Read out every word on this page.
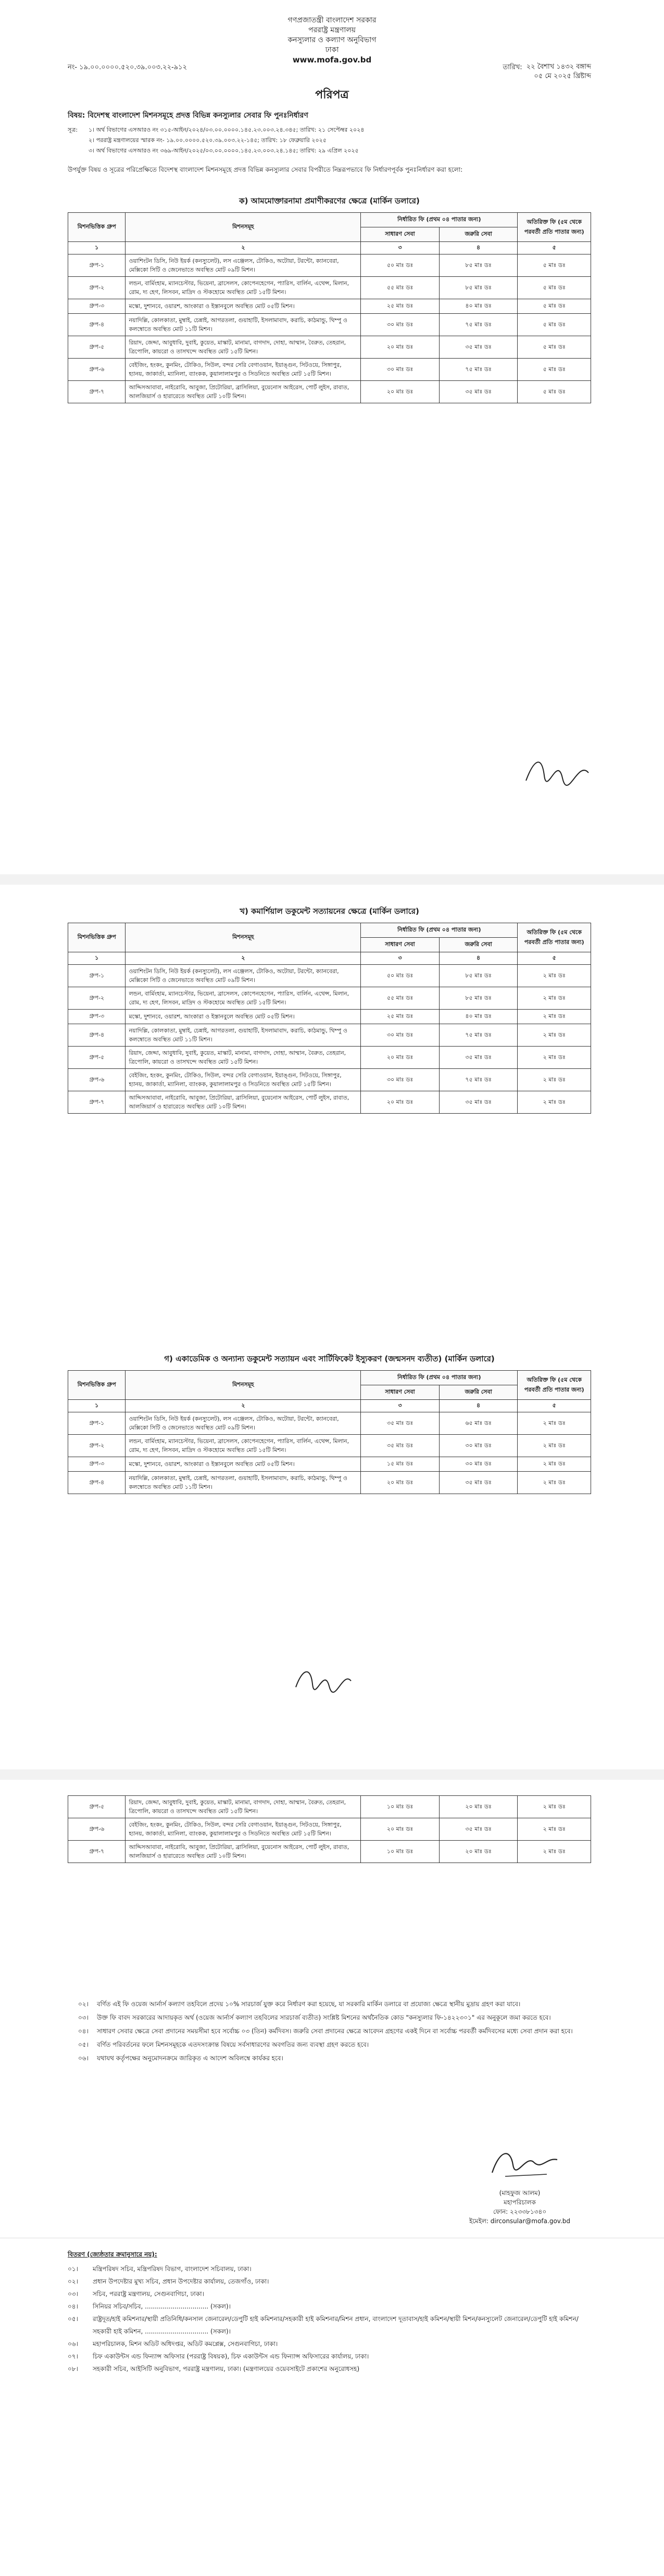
গণপ্রজাতন্ত্রী বাংলাদেশ সরকার
পররাষ্ট্র মন্ত্রণালয়
কনস্যুলার ও কল্যাণ অনুবিভাগ
ঢাকা
www.mofa.gov.bd
নং- ১৯.০০.০০০০.৫২০.৩৯.০০৩.২২-৯১২	তারিখ: ২২ বৈশাখ ১৪৩২ বঙ্গাব্দ
০৫ মে ২০২৫ খ্রিষ্টাব্দ
পরিপত্র
বিষয়: বিদেশস্থ বাংলাদেশ মিশনসমূহে প্রদত্ত বিভিন্ন কনস্যুলার সেবার ফি পুনঃনির্ধারণ
সূত্র:	১। অর্থ বিভাগের এসআরও নং ৩১৫-আইন/২০২৪/০৩.০০.০০০০.১৪৫.২৩.০০৩.২৪.৩৪৫; তারিখ: ২১ সেপ্টেম্বর ২০২৪
২। পররাষ্ট্র মন্ত্রণালয়ের স্মারক নং- ১৯.০০.০০০০.৫২০.৩৯.০০৩.২২-১৪৫; তারিখ: ১৮ ফেব্রুয়ারি ২০২৫
৩। অর্থ বিভাগের এসআরও নং ৩৬৯-আইন/২০২৫/০৩.০০.০০০০.১৪৫.২৩.০০৩.২৪.১৪৫; তারিখ: ২৯ এপ্রিল ২০২৫
উপর্যুক্ত বিষয় ও সূত্রের পরিপ্রেক্ষিতে বিদেশস্থ বাংলাদেশ মিশনসমূহে প্রদত্ত বিভিন্ন কনস্যুলার সেবার বিপরীতে নিম্নরূপভাবে ফি নির্ধারণপূর্বক পুনঃনির্ধারণ করা হলো:
ক) আমমোক্তারনামা প্রমাণীকরণের ক্ষেত্রে (মার্কিন ডলারে)
মিশনভিত্তিক গ্রুপ	মিশনসমূহ	নির্ধারিত ফি (প্রথম ০৪ পাতার জন্য)		অতিরিক্ত ফি (৫ম থেকে পরবর্তী প্রতি পাতার জন্য)
		সাধারণ সেবা	জরুরি সেবা	
১	২	৩	৪	৫
গ্রুপ-১	ওয়াশিংটন ডিসি, নিউ ইয়র্ক (কনস্যুলেট), লস এঞ্জেলস, টোকিও, অটোয়া, টরন্টো, ক্যানবেরা, মেক্সিকো সিটি ও জেনেভাতে অবস্থিত মোট ০৯টি মিশন।	৫০ মাঃ ডঃ	৮৫ মাঃ ডঃ	৫ মাঃ ডঃ
গ্রুপ-২	লন্ডন, বার্মিংহাম, ম্যানচেস্টার, ভিয়েনা, ব্রাসেলস, কোপেনহেগেন, প্যারিস, বার্লিন, এথেন্স, মিলান, রোম, দ্য হেগ, লিসবন, মাদ্রিদ ও স্টকহোমে অবস্থিত মোট ১৫টি মিশন।	৫৫ মাঃ ডঃ	৮৫ মাঃ ডঃ	৫ মাঃ ডঃ
গ্রুপ-৩	মস্কো, দুশানবে, ওয়ারশ, আংকারা ও ইস্তানবুলে অবস্থিত মোট ০৫টি মিশন।	২৫ মাঃ ডঃ	৪০ মাঃ ডঃ	৫ মাঃ ডঃ
গ্রুপ-৪	নয়াদিল্লি, কোলকাতা, মুম্বাই, চেন্নাই, আগরতলা, গুয়াহাটি, ইসলামাবাদ, করাচি, কাঠমান্ডু, থিম্পু ও কলম্বোতে অবস্থিত মোট ১১টি মিশন।	৩০ মাঃ ডঃ	৭৫ মাঃ ডঃ	৫ মাঃ ডঃ
গ্রুপ-৫	রিয়াদ, জেদ্দা, আবুধাবি, দুবাই, কুয়েত, মাস্কাট, মানামা, বাগদাদ, দোহা, আম্মান, বৈরুত, তেহরান, ত্রিপোলি, কায়রো ও তাসখন্দে অবস্থিত মোট ১৫টি মিশন।	২০ মাঃ ডঃ	৩৫ মাঃ ডঃ	৫ মাঃ ডঃ
গ্রুপ-৬	বেইজিং, হংকং, কুনমিং, টোকিও, সিউল, বন্দর সেরি বেগাওয়ান, ইয়াঙ্গুন, সিটওয়ে, সিঙ্গাপুর, হ্যানয়, জাকার্তা, ম্যানিলা, ব্যাংকক, কুয়ালালামপুর ও সিডনিতে অবস্থিত মোট ১৫টি মিশন।	৩০ মাঃ ডঃ	৭৫ মাঃ ডঃ	৫ মাঃ ডঃ
গ্রুপ-৭	আদ্দিসআবাবা, নাইরোবি, আবুজা, প্রিটোরিয়া, ব্রাসিলিয়া, বুয়েনোস আইরেস, পোর্ট লুইস, রাবাত, আলজিয়ার্স ও হারারেতে অবস্থিত মোট ১০টি মিশন।	২০ মাঃ ডঃ	৩৫ মাঃ ডঃ	৫ মাঃ ডঃ
খ) কমার্শিয়াল ডকুমেন্ট সত্যায়নের ক্ষেত্রে (মার্কিন ডলারে)
মিশনভিত্তিক গ্রুপ	মিশনসমূহ	নির্ধারিত ফি (প্রথম ০৪ পাতার জন্য)		অতিরিক্ত ফি (৫ম থেকে পরবর্তী প্রতি পাতার জন্য)
		সাধারণ সেবা	জরুরি সেবা	
১	২	৩	৪	৫
গ্রুপ-১	ওয়াশিংটন ডিসি, নিউ ইয়র্ক (কনস্যুলেট), লস এঞ্জেলস, টোকিও, অটোয়া, টরন্টো, ক্যানবেরা, মেক্সিকো সিটি ও জেনেভাতে অবস্থিত মোট ০৯টি মিশন।	৫০ মাঃ ডঃ	৮৫ মাঃ ডঃ	২ মাঃ ডঃ
গ্রুপ-২	লন্ডন, বার্মিংহাম, ম্যানচেস্টার, ভিয়েনা, ব্রাসেলস, কোপেনহেগেন, প্যারিস, বার্লিন, এথেন্স, মিলান, রোম, দ্য হেগ, লিসবন, মাদ্রিদ ও স্টকহোমে অবস্থিত মোট ১৫টি মিশন।	৫৫ মাঃ ডঃ	৮৫ মাঃ ডঃ	২ মাঃ ডঃ
গ্রুপ-৩	মস্কো, দুশানবে, ওয়ারশ, আংকারা ও ইস্তানবুলে অবস্থিত মোট ০৫টি মিশন।	২৫ মাঃ ডঃ	৪০ মাঃ ডঃ	২ মাঃ ডঃ
গ্রুপ-৪	নয়াদিল্লি, কোলকাতা, মুম্বাই, চেন্নাই, আগরতলা, গুয়াহাটি, ইসলামাবাদ, করাচি, কাঠমান্ডু, থিম্পু ও কলম্বোতে অবস্থিত মোট ১১টি মিশন।	৩০ মাঃ ডঃ	৭৫ মাঃ ডঃ	২ মাঃ ডঃ
গ্রুপ-৫	রিয়াদ, জেদ্দা, আবুধাবি, দুবাই, কুয়েত, মাস্কাট, মানামা, বাগদাদ, দোহা, আম্মান, বৈরুত, তেহরান, ত্রিপোলি, কায়রো ও তাসখন্দে অবস্থিত মোট ১৫টি মিশন।	২০ মাঃ ডঃ	৩৫ মাঃ ডঃ	২ মাঃ ডঃ
গ্রুপ-৬	বেইজিং, হংকং, কুনমিং, টোকিও, সিউল, বন্দর সেরি বেগাওয়ান, ইয়াঙ্গুন, সিটওয়ে, সিঙ্গাপুর, হ্যানয়, জাকার্তা, ম্যানিলা, ব্যাংকক, কুয়ালালামপুর ও সিডনিতে অবস্থিত মোট ১৫টি মিশন।	৩০ মাঃ ডঃ	৭৫ মাঃ ডঃ	২ মাঃ ডঃ
গ্রুপ-৭	আদ্দিসআবাবা, নাইরোবি, আবুজা, প্রিটোরিয়া, ব্রাসিলিয়া, বুয়েনোস আইরেস, পোর্ট লুইস, রাবাত, আলজিয়ার্স ও হারারেতে অবস্থিত মোট ১০টি মিশন।	২০ মাঃ ডঃ	৩৫ মাঃ ডঃ	২ মাঃ ডঃ
গ) একাডেমিক ও অন্যান্য ডকুমেন্ট সত্যায়ন এবং সার্টিফিকেট ইস্যুকরণ (জন্মসনদ ব্যতীত) (মার্কিন ডলারে)
মিশনভিত্তিক গ্রুপ	মিশনসমূহ	নির্ধারিত ফি (প্রথম ০৪ পাতার জন্য)		অতিরিক্ত ফি (৫ম থেকে পরবর্তী প্রতি পাতার জন্য)
		সাধারণ সেবা	জরুরি সেবা	
১	২	৩	৪	৫
গ্রুপ-১	ওয়াশিংটন ডিসি, নিউ ইয়র্ক (কনস্যুলেট), লস এঞ্জেলস, টোকিও, অটোয়া, টরন্টো, ক্যানবেরা, মেক্সিকো সিটি ও জেনেভাতে অবস্থিত মোট ০৯টি মিশন।	৩৫ মাঃ ডঃ	৬৫ মাঃ ডঃ	২ মাঃ ডঃ
গ্রুপ-২	লন্ডন, বার্মিংহাম, ম্যানচেস্টার, ভিয়েনা, ব্রাসেলস, কোপেনহেগেন, প্যারিস, বার্লিন, এথেন্স, মিলান, রোম, দ্য হেগ, লিসবন, মাদ্রিদ ও স্টকহোমে অবস্থিত মোট ১৫টি মিশন।	৩৫ মাঃ ডঃ	৩০ মাঃ ডঃ	২ মাঃ ডঃ
গ্রুপ-৩	মস্কো, দুশানবে, ওয়ারশ, আংকারা ও ইস্তানবুলে অবস্থিত মোট ০৫টি মিশন।	১৫ মাঃ ডঃ	৩০ মাঃ ডঃ	২ মাঃ ডঃ
গ্রুপ-৪	নয়াদিল্লি, কোলকাতা, মুম্বাই, চেন্নাই, আগরতলা, গুয়াহাটি, ইসলামাবাদ, করাচি, কাঠমান্ডু, থিম্পু ও কলম্বোতে অবস্থিত মোট ১১টি মিশন।	২০ মাঃ ডঃ	৩৫ মাঃ ডঃ	২ মাঃ ডঃ
গ্রুপ-৫	রিয়াদ, জেদ্দা, আবুধাবি, দুবাই, কুয়েত, মাস্কাট, মানামা, বাগদাদ, দোহা, আম্মান, বৈরুত, তেহরান, ত্রিপোলি, কায়রো ও তাসখন্দে অবস্থিত মোট ১৫টি মিশন।	১০ মাঃ ডঃ	২০ মাঃ ডঃ	২ মাঃ ডঃ
গ্রুপ-৬	বেইজিং, হংকং, কুনমিং, টোকিও, সিউল, বন্দর সেরি বেগাওয়ান, ইয়াঙ্গুন, সিটওয়ে, সিঙ্গাপুর, হ্যানয়, জাকার্তা, ম্যানিলা, ব্যাংকক, কুয়ালালামপুর ও সিডনিতে অবস্থিত মোট ১৫টি মিশন।	২০ মাঃ ডঃ	৩৫ মাঃ ডঃ	২ মাঃ ডঃ
গ্রুপ-৭	আদ্দিসআবাবা, নাইরোবি, আবুজা, প্রিটোরিয়া, ব্রাসিলিয়া, বুয়েনোস আইরেস, পোর্ট লুইস, রাবাত, আলজিয়ার্স ও হারারেতে অবস্থিত মোট ১০টি মিশন।	১০ মাঃ ডঃ	২০ মাঃ ডঃ	২ মাঃ ডঃ
০২।	বর্ণিত এই ফি ওয়েজ আর্নার্স কল্যাণ তহবিলে প্রদেয় ১০% সারচার্জ যুক্ত করে নির্ধারণ করা হয়েছে, যা সরকারি মার্কিন ডলারে বা প্রযোজ্য ক্ষেত্রে স্থানীয় মুদ্রায় গ্রহণ করা যাবে।
০৩।	উক্ত ফি বাবদ সরকারের আদায়কৃত অর্থ (ওয়েজ আর্নার্স কল্যাণ তহবিলের সারচার্জ ব্যতীত) সংশ্লিষ্ট মিশনের অর্থনৈতিক কোড "কনস্যুলার ফি-১৪২২৩০১" এর অনুকূলে জমা করতে হবে।
০৪।	সাধারণ সেবার ক্ষেত্রে সেবা প্রদানের সময়সীমা হবে সর্বোচ্চ ০৩ (তিন) কর্মদিবস। জরুরি সেবা প্রদানের ক্ষেত্রে আবেদন গ্রহণের একই দিনে বা সর্বোচ্চ পরবর্তী কর্মদিবসের মধ্যে সেবা প্রদান করা হবে।
০৫।	বর্ণিত পরিবর্তনের ফলে মিশনসমূহকে এতদসংক্রান্ত বিষয়ে সর্বসাধারণের অবগতির জন্য ব্যবস্থা গ্রহণ করতে হবে।
০৬।	যথাযথ কর্তৃপক্ষের অনুমোদনক্রমে জারিকৃত এ আদেশ অবিলম্বে কার্যকর হবে।
(মাহফুজ আলম)
মহাপরিচালক
ফোন: ২২৩৩৮১৩৪০
ইমেইল: dirconsular@mofa.gov.bd
বিতরণ (জ্যেষ্ঠতার ক্রমানুসারে নয়):
০১।	মন্ত্রিপরিষদ সচিব, মন্ত্রিপরিষদ বিভাগ, বাংলাদেশ সচিবালয়, ঢাকা।
০২।	প্রধান উপদেষ্টার মুখ্য সচিব, প্রধান উপদেষ্টার কার্যালয়, তেজগাঁও, ঢাকা।
০৩।	সচিব, পররাষ্ট্র মন্ত্রণালয়, সেগুনবাগিচা, ঢাকা।
০৪।	সিনিয়র সচিব/সচিব, ................................ (সকল)।
০৫।	রাষ্ট্রদূত/হাই কমিশনার/স্থায়ী প্রতিনিধি/কনসাল জেনারেল/ডেপুটি হাই কমিশনার/সহকারী হাই কমিশনার/মিশন প্রধান, বাংলাদেশ দূতাবাস/হাই কমিশন/স্থায়ী মিশন/কনস্যুলেট জেনারেল/ডেপুটি হাই কমিশন/সহকারী হাই কমিশন, ................................ (সকল)।
০৬।	মহাপরিচালক, মিশন অডিট অধিদপ্তর, অডিট কমপ্লেক্স, সেগুনবাগিচা, ঢাকা।
০৭।	চিফ একাউন্টস এন্ড ফিন্যান্স অফিসার (পররাষ্ট্র বিষয়ক), চিফ একাউন্টস এন্ড ফিন্যান্স অফিসারের কার্যালয়, ঢাকা।
০৮।	সহকারী সচিব, আইসিটি অনুবিভাগ, পররাষ্ট্র মন্ত্রণালয়, ঢাকা। (মন্ত্রণালয়ের ওয়েবসাইটে প্রকাশের অনুরোধসহ)
